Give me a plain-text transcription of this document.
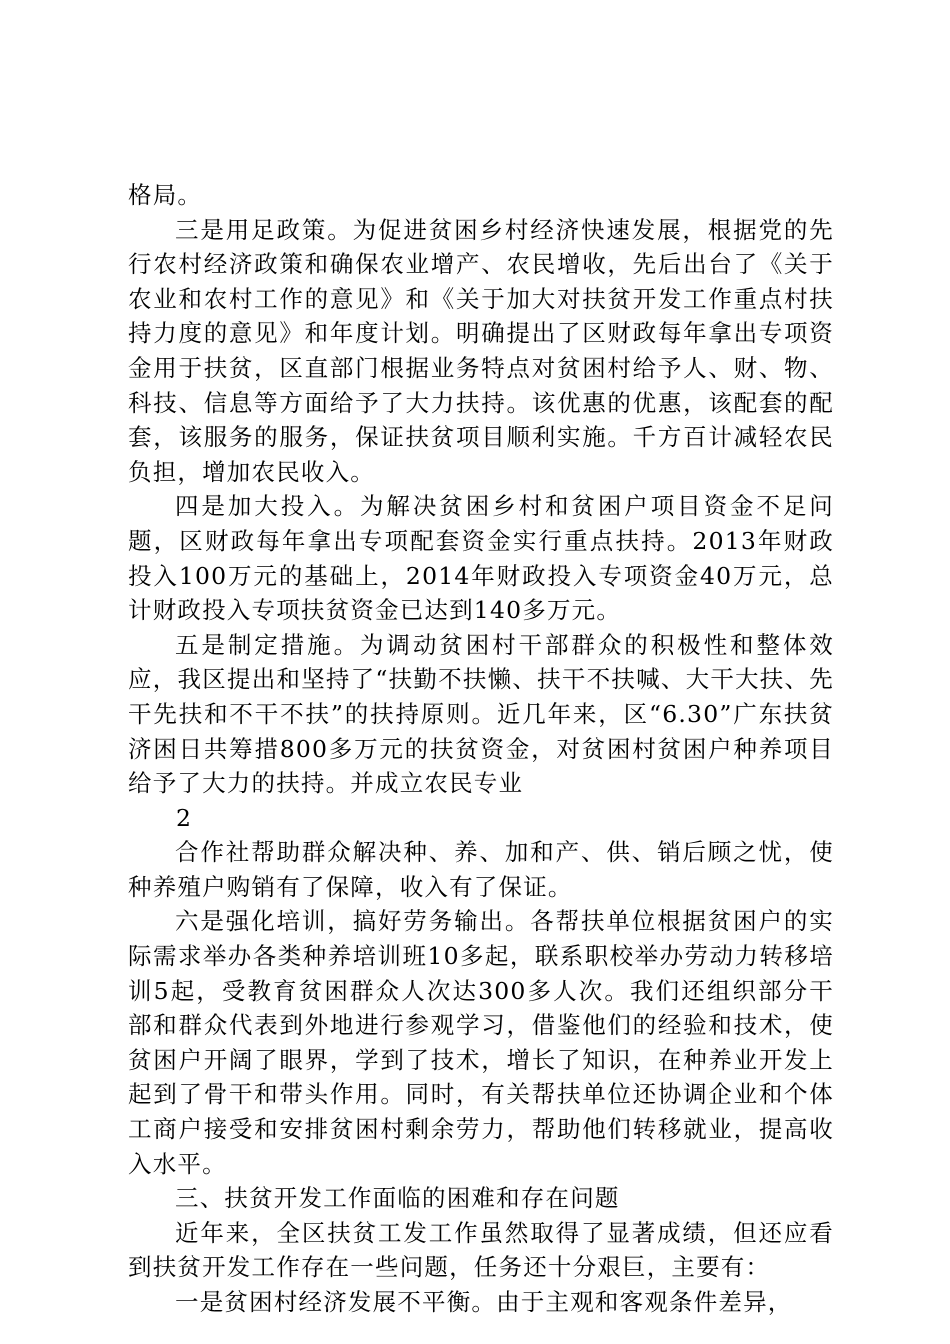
格局。

三是用足政策。为促进贫困乡村经济快速发展，根据党的先行农村经济政策和确保农业增产、农民增收，先后出台了《关于农业和农村工作的意见》和《关于加大对扶贫开发工作重点村扶持力度的意见》和年度计划。明确提出了区财政每年拿出专项资金用于扶贫，区直部门根据业务特点对贫困村给予人、财、物、科技、信息等方面给予了大力扶持。该优惠的优惠，该配套的配套，该服务的服务，保证扶贫项目顺利实施。千方百计减轻农民负担，增加农民收入。

四是加大投入。为解决贫困乡村和贫困户项目资金不足问题，区财政每年拿出专项配套资金实行重点扶持。2013年财政投入100万元的基础上，2014年财政投入专项资金40万元，总计财政投入专项扶贫资金已达到140多万元。

五是制定措施。为调动贫困村干部群众的积极性和整体效应，我区提出和坚持了“扶勤不扶懒、扶干不扶喊、大干大扶、先干先扶和不干不扶”的扶持原则。近几年来，区“6.30”广东扶贫济困日共筹措800多万元的扶贫资金，对贫困村贫困户种养项目给予了大力的扶持。并成立农民专业

2

合作社帮助群众解决种、养、加和产、供、销后顾之忧，使种养殖户购销有了保障，收入有了保证。

六是强化培训，搞好劳务输出。各帮扶单位根据贫困户的实际需求举办各类种养培训班10多起，联系职校举办劳动力转移培训5起，受教育贫困群众人次达300多人次。我们还组织部分干部和群众代表到外地进行参观学习，借鉴他们的经验和技术，使贫困户开阔了眼界，学到了技术，增长了知识，在种养业开发上起到了骨干和带头作用。同时，有关帮扶单位还协调企业和个体工商户接受和安排贫困村剩余劳力，帮助他们转移就业，提高收入水平。

三、扶贫开发工作面临的困难和存在问题

近年来，全区扶贫工发工作虽然取得了显著成绩，但还应看到扶贫开发工作存在一些问题，任务还十分艰巨，主要有：

一是贫困村经济发展不平衡。由于主观和客观条件差异，
